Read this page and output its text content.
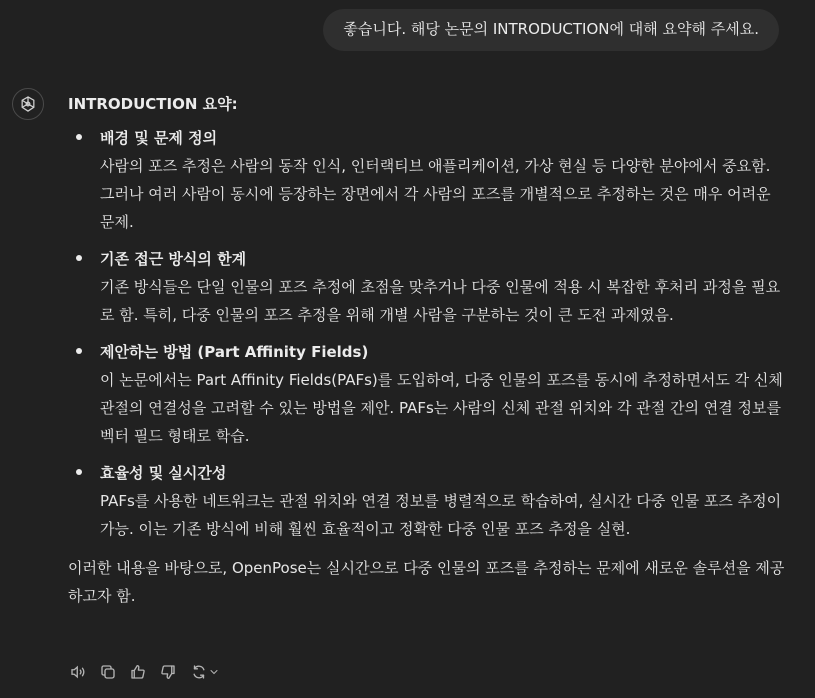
좋습니다. 해당 논문의 INTRODUCTION에 대해 요약해 주세요.
INTRODUCTION 요약:
배경 및 문제 정의
사람의 포즈 추정은 사람의 동작 인식, 인터랙티브 애플리케이션, 가상 현실 등 다양한 분야에서 중요함. 그러나 여러 사람이 동시에 등장하는 장면에서 각 사람의 포즈를 개별적으로 추정하는 것은 매우 어려운 문제.
기존 접근 방식의 한계
기존 방식들은 단일 인물의 포즈 추정에 초점을 맞추거나 다중 인물에 적용 시 복잡한 후처리 과정을 필요로 함. 특히, 다중 인물의 포즈 추정을 위해 개별 사람을 구분하는 것이 큰 도전 과제였음.
제안하는 방법 (Part Affinity Fields)
이 논문에서는 Part Affinity Fields(PAFs)를 도입하여, 다중 인물의 포즈를 동시에 추정하면서도 각 신체 관절의 연결성을 고려할 수 있는 방법을 제안. PAFs는 사람의 신체 관절 위치와 각 관절 간의 연결 정보를 벡터 필드 형태로 학습.
효율성 및 실시간성
PAFs를 사용한 네트워크는 관절 위치와 연결 정보를 병렬적으로 학습하여, 실시간 다중 인물 포즈 추정이 가능. 이는 기존 방식에 비해 훨씬 효율적이고 정확한 다중 인물 포즈 추정을 실현.
이러한 내용을 바탕으로, OpenPose는 실시간으로 다중 인물의 포즈를 추정하는 문제에 새로운 솔루션을 제공하고자 함.
